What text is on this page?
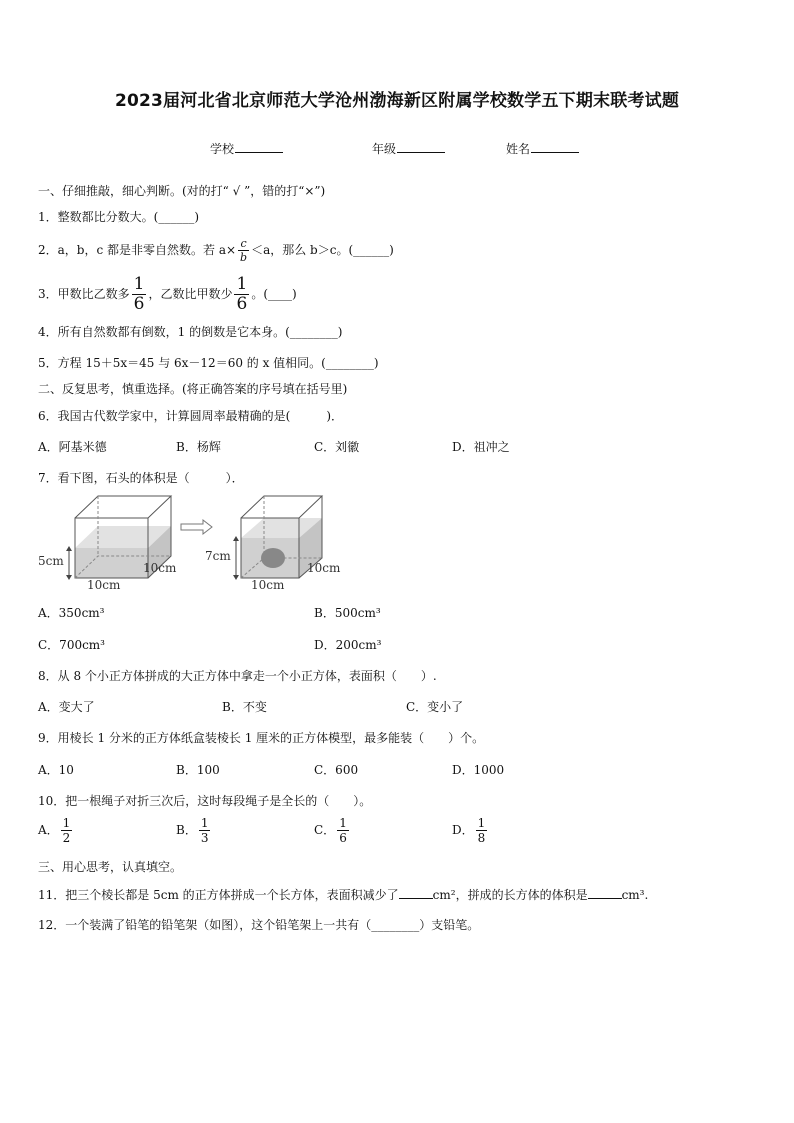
2023届河北省北京师范大学沧州渤海新区附属学校数学五下期末联考试题
学校	年级	姓名
一、仔细推敲，细心判断。(对的打“ √ ”，错的打“×”)
1．整数都比分数大。(______)
2．a，b，c 都是非零自然数。若 $a\times \frac{c}{b} <a$，那么 b＞c。(______)
3．甲数比乙数多 $\frac{1}{6}$ ，乙数比甲数少 $\frac{1}{6}$ 。(____)
4．所有自然数都有倒数，1 的倒数是它本身。(________)
5．方程 15＋5x＝45 与 6x－12＝60 的 x 值相同。(________)
二、反复思考，慎重选择。(将正确答案的序号填在括号里)
6．我国古代数学家中，计算圆周率最精确的是(　　　)．
A．阿基米德	B．杨辉	C．刘徽	D．祖冲之
7．看下图，石头的体积是（　　　）．
5cm
10cm
10cm
7cm
10cm
10cm
A．350cm³	B．500cm³
C．700cm³	D．200cm³
8．从 8 个小正方体拼成的大正方体中拿走一个小正方体，表面积（　　）.
A．变大了	B．不变	C．变小了
9．用棱长 1 分米的正方体纸盒装棱长 1 厘米的正方体模型，最多能装（　　）个。
A．10	B．100	C．600	D．1000
10．把一根绳子对折三次后，这时每段绳子是全长的（　　）。
A． $\frac{1}{2}$	B． $\frac{1}{3}$	C． $\frac{1}{6}$	D． $\frac{1}{8}$
三、用心思考，认真填空。
11．把三个棱长都是 5cm 的正方体拼成一个长方体，表面积减少了	cm²，拼成的长方体的体积是	cm³.
12．一个装满了铅笔的铅笔架（如图），这个铅笔架上一共有（________）支铅笔。
